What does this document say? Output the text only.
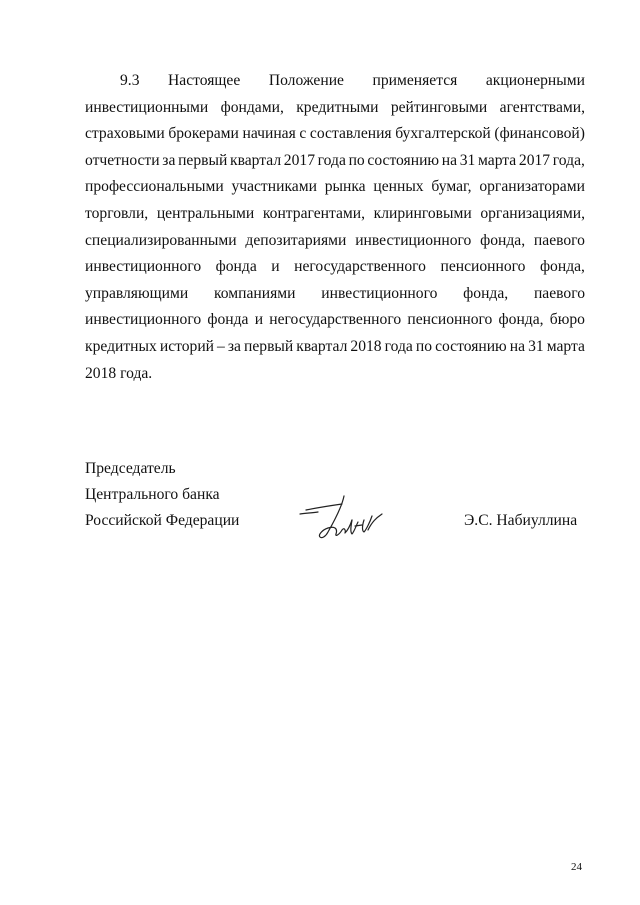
9.3 Настоящее Положение применяется акционерными
инвестиционными фондами, кредитными рейтинговыми агентствами,
страховыми брокерами начиная с составления бухгалтерской (финансовой)
отчетности за первый квартал 2017 года по состоянию на 31 марта 2017 года,
профессиональными участниками рынка ценных бумаг, организаторами
торговли, центральными контрагентами, клиринговыми организациями,
специализированными депозитариями инвестиционного фонда, паевого
инвестиционного фонда и негосударственного пенсионного фонда,
управляющими компаниями инвестиционного фонда, паевого
инвестиционного фонда и негосударственного пенсионного фонда, бюро
кредитных историй – за первый квартал 2018 года по состоянию на 31 марта
2018 года.
Председатель
Центрального банка
Российской Федерации	Э.С. Набиуллина
24
